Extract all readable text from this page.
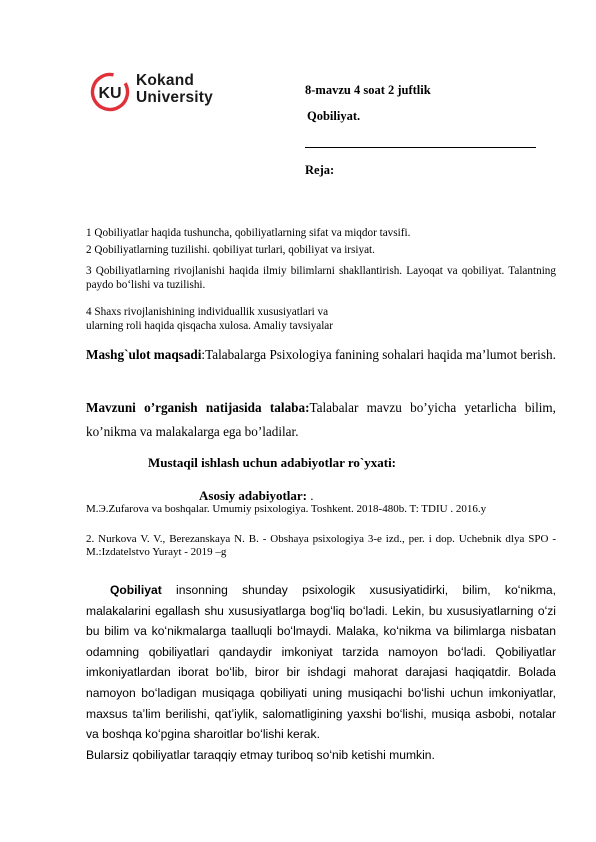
KU
Kokand
University	8-mavzu 4 soat 2 juftlik
Qobiliyat.
Reja:
1 Qobiliyatlar haqida tushuncha, qobiliyatlarning sifat va miqdor tavsifi.
2 Qobiliyatlarning tuzilishi. qobiliyat turlari, qobiliyat va irsiyat.
3 Qobiliyatlarning rivojlanishi haqida ilmiy bilimlarni shakllantirish. Layoqat va qobiliyat. Talantning paydo boʻlishi va tuzilishi.
4 Shaxs rivojlanishining individuallik xususiyatlari va
ularning roli haqida qisqacha xulosa. Amaliy tavsiyalar
Mashg`ulot maqsadi:Talabalarga Psixologiya fanining sohalari haqida ma’lumot berish.
Mavzuni o’rganish natijasida talaba:Talabalar mavzu bo’yicha yetarlicha bilim, ko’nikma va malakalarga ega bo’ladilar.
Mustaqil ishlash uchun adabiyotlar ro`yxati:
Asosiy adabiyotlar: .
М.Э.Zufarova va boshqalar. Umumiy psixologiya. Toshkent. 2018-480b. T: TDIU . 2016.y
2. Nurkova V. V., Berezanskaya N. B. - Obshaya psixologiya 3-e izd., per. i dop. Uchebnik dlya SPO - M.:Izdatelstvo Yurayt - 2019 –g
Qobiliyat insonning shunday psixologik xususiyatidirki, bilim, koʻnikma, malakalarini egallash shu xususiyatlarga bogʻliq boʻladi. Lekin, bu xususiyatlarning oʻzi bu bilim va koʻnikmalarga taalluqli boʻlmaydi. Malaka, koʻnikma va bilimlarga nisbatan odamning qobiliyatlari qandaydir imkoniyat tarzida namoyon boʻladi. Qobiliyatlar imkoniyatlardan iborat boʻlib, biror bir ishdagi mahorat darajasi haqiqatdir. Bolada namoyon boʻladigan musiqaga qobiliyati uning musiqachi boʻlishi uchun imkoniyatlar, maxsus taʼlim berilishi, qatʼiylik, salomatligining yaxshi boʻlishi, musiqa asbobi, notalar va boshqa koʻpgina sharoitlar boʻlishi kerak.
Bularsiz qobiliyatlar taraqqiy etmay turiboq soʻnib ketishi mumkin.
